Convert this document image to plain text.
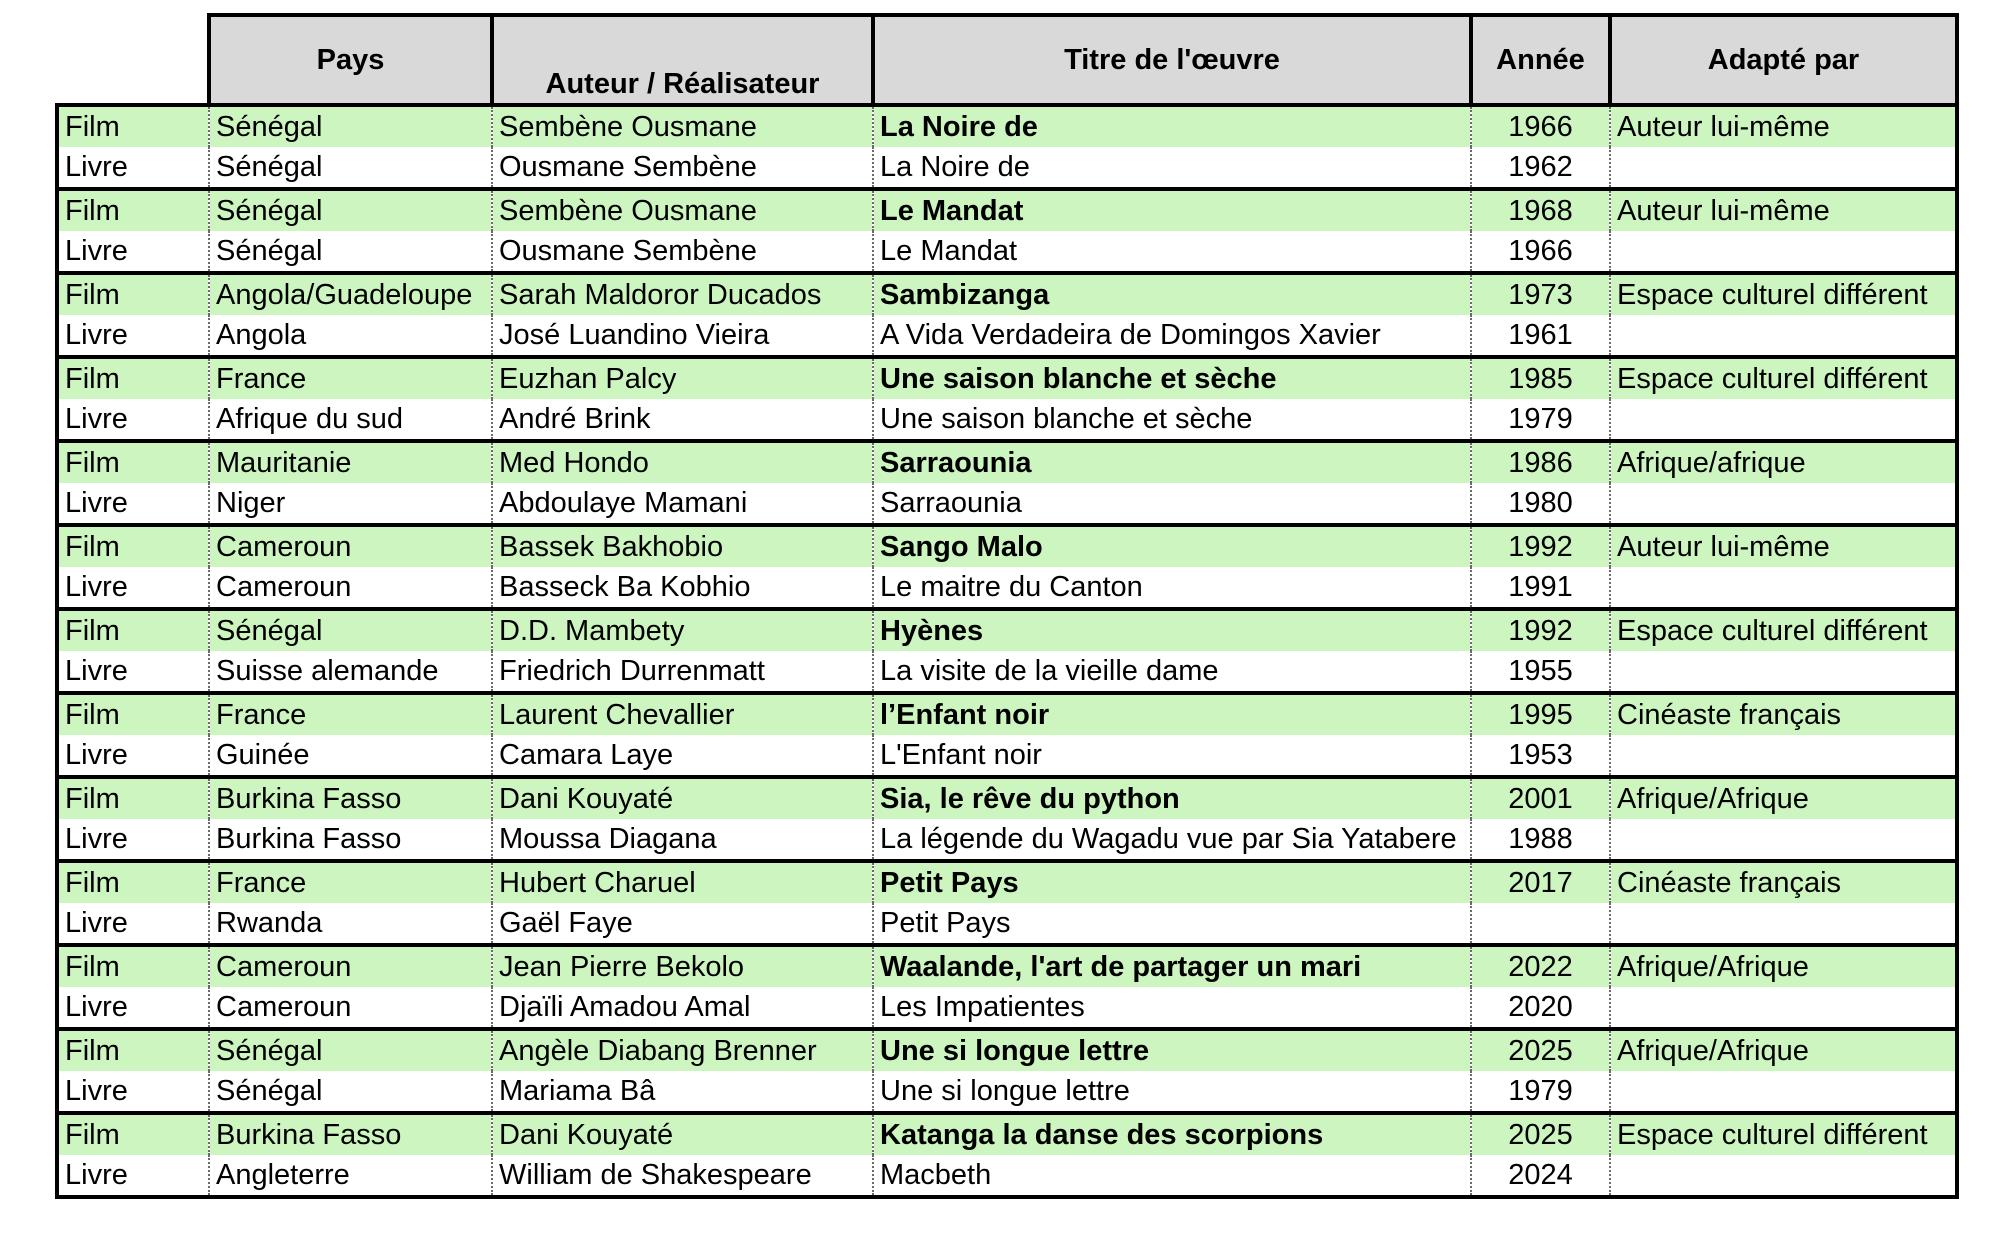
	Pays	Auteur / Réalisateur	Titre de l'œuvre	Année	Adapté par
Film	Sénégal	Sembène Ousmane	La Noire de	1966	Auteur lui-même
Livre	Sénégal	Ousmane Sembène	La Noire de	1962	
Film	Sénégal	Sembène Ousmane	Le Mandat	1968	Auteur lui-même
Livre	Sénégal	Ousmane Sembène	Le Mandat	1966	
Film	Angola/Guadeloupe	Sarah Maldoror Ducados	Sambizanga	1973	Espace culturel différent
Livre	Angola	José Luandino Vieira	A Vida Verdadeira de Domingos Xavier	1961	
Film	France	Euzhan Palcy	Une saison blanche et sèche	1985	Espace culturel différent
Livre	Afrique du sud	André Brink	Une saison blanche et sèche	1979	
Film	Mauritanie	Med Hondo	Sarraounia	1986	Afrique/afrique
Livre	Niger	Abdoulaye Mamani	Sarraounia	1980	
Film	Cameroun	Bassek Bakhobio	Sango Malo	1992	Auteur lui-même
Livre	Cameroun	Basseck Ba Kobhio	Le maitre du Canton	1991	
Film	Sénégal	D.D. Mambety	Hyènes	1992	Espace culturel différent
Livre	Suisse alemande	Friedrich Durrenmatt	La visite de la vieille dame	1955	
Film	France	Laurent Chevallier	l’Enfant noir	1995	Cinéaste français
Livre	Guinée	Camara Laye	L'Enfant noir	1953	
Film	Burkina Fasso	Dani Kouyaté	Sia, le rêve du python	2001	Afrique/Afrique
Livre	Burkina Fasso	Moussa Diagana	La légende du Wagadu vue par Sia Yatabere	1988	
Film	France	Hubert Charuel	Petit Pays	2017	Cinéaste français
Livre	Rwanda	Gaël Faye	Petit Pays		
Film	Cameroun	Jean Pierre Bekolo	Waalande, l'art de partager un mari	2022	Afrique/Afrique
Livre	Cameroun	Djaïli Amadou Amal	Les Impatientes	2020	
Film	Sénégal	Angèle Diabang Brenner	Une si longue lettre	2025	Afrique/Afrique
Livre	Sénégal	Mariama Bâ	Une si longue lettre	1979	
Film	Burkina Fasso	Dani Kouyaté	Katanga la danse des scorpions	2025	Espace culturel différent
Livre	Angleterre	William de Shakespeare	Macbeth	2024	
